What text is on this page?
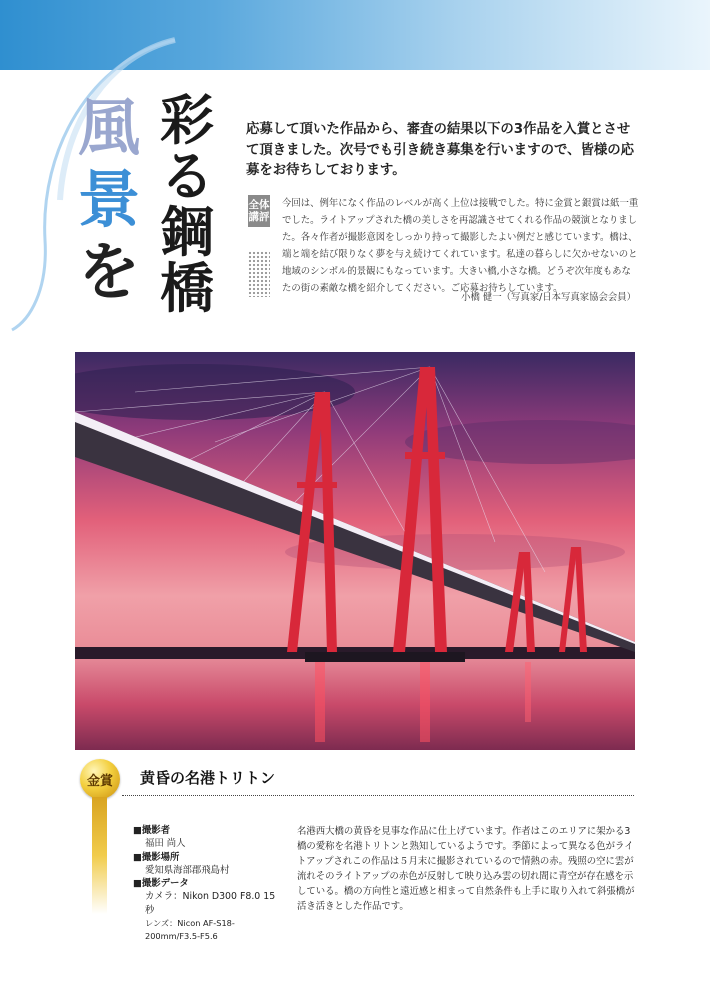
風
景
を
彩
る
鋼
橋
応募して頂いた作品から、審査の結果以下の3作品を入賞とさせて頂きました。次号でも引き続き募集を行いますので、皆様の応募をお待ちしております。
全体講評
今回は、例年になく作品のレベルが高く上位は接戦でした。特に金賞と銀賞は紙一重でした。ライトアップされた橋の美しさを再認識させてくれる作品の競演となりました。各々作者が撮影意図をしっかり持って撮影したよい例だと感じています。橋は、端と端を結び限りなく夢を与え続けてくれています。私達の暮らしに欠かせないのと地域のシンボル的景観にもなっています。大きい橋,小さな橋。どうぞ次年度もあなたの街の素敵な橋を紹介してください。ご応募お待ちしています。
小橋 健一（写真家/日本写真家協会会員）
金賞	黄昏の名港トリトン
■撮影者
福田 尚人
■撮影場所
愛知県海部郡飛島村
■撮影データ
カメラ：Nikon D300 F8.0 15秒
レンズ：Nicon AF-S18-200mm/F3.5-F5.6
名港西大橋の黄昏を見事な作品に仕上げています。作者はこのエリアに架かる3橋の愛称を名港トリトンと熟知しているようです。季節によって異なる色がライトアップされこの作品は５月末に撮影されているので情熱の赤。残照の空に雲が流れそのライトアップの赤色が反射して映り込み雲の切れ間に青空が存在感を示している。橋の方向性と遠近感と相まって自然条件も上手に取り入れて斜張橋が活き活きとした作品です。
